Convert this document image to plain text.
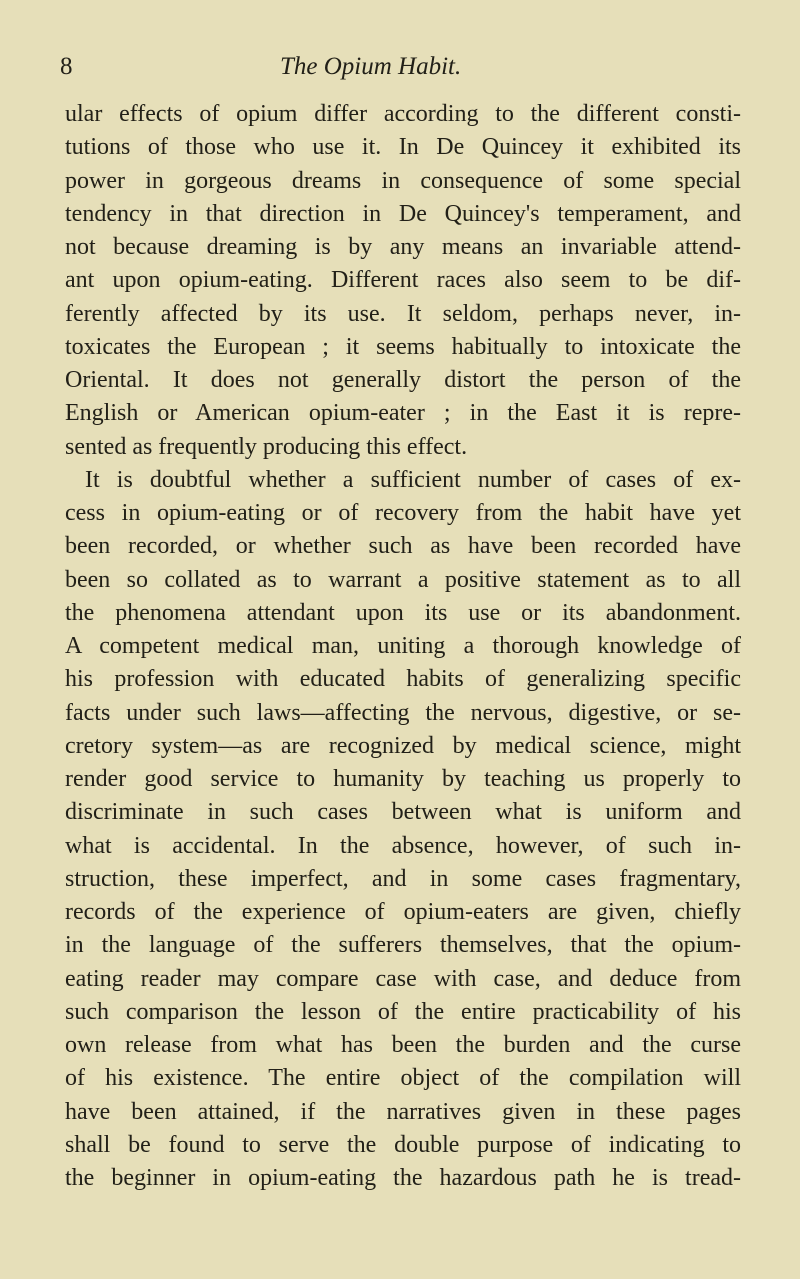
8	The Opium Habit.
ular effects of opium differ according to the different consti-
tutions of those who use it. In De Quincey it exhibited its
power in gorgeous dreams in consequence of some special
tendency in that direction in De Quincey's temperament, and
not because dreaming is by any means an invariable attend-
ant upon opium-eating. Different races also seem to be dif-
ferently affected by its use. It seldom, perhaps never, in-
toxicates the European ; it seems habitually to intoxicate the
Oriental. It does not generally distort the person of the
English or American opium-eater ; in the East it is repre-
sented as frequently producing this effect.
It is doubtful whether a sufficient number of cases of ex-
cess in opium-eating or of recovery from the habit have yet
been recorded, or whether such as have been recorded have
been so collated as to warrant a positive statement as to all
the phenomena attendant upon its use or its abandonment.
A competent medical man, uniting a thorough knowledge of
his profession with educated habits of generalizing specific
facts under such laws—affecting the nervous, digestive, or se-
cretory system—as are recognized by medical science, might
render good service to humanity by teaching us properly to
discriminate in such cases between what is uniform and
what is accidental. In the absence, however, of such in-
struction, these imperfect, and in some cases fragmentary,
records of the experience of opium-eaters are given, chiefly
in the language of the sufferers themselves, that the opium-
eating reader may compare case with case, and deduce from
such comparison the lesson of the entire practicability of his
own release from what has been the burden and the curse
of his existence. The entire object of the compilation will
have been attained, if the narratives given in these pages
shall be found to serve the double purpose of indicating to
the beginner in opium-eating the hazardous path he is tread-
